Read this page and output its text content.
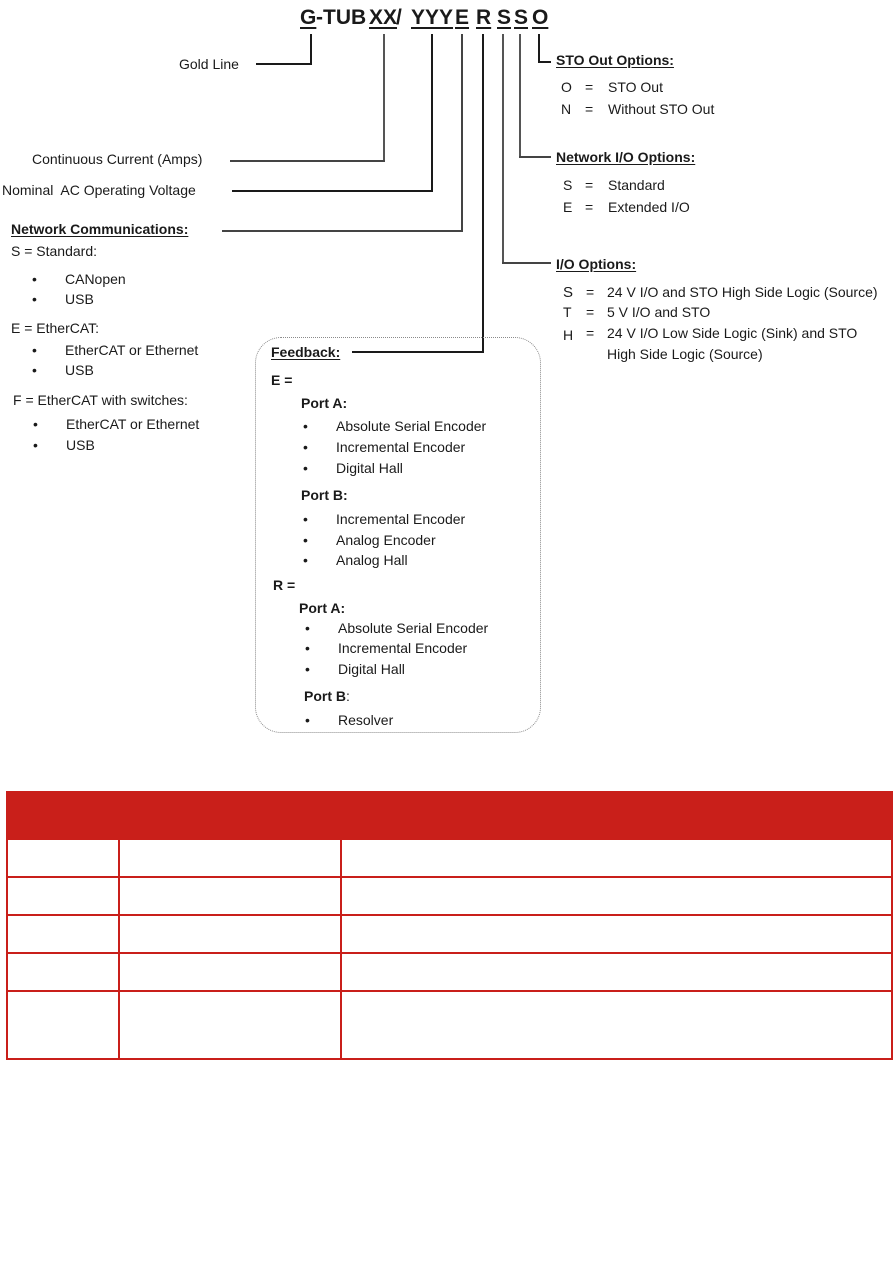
G -TUB XX
/ YYY E R S S O
Gold Line
Continuous Current (Amps)
Nominal  AC Operating Voltage
Network Communications:
S = Standard:
• CANopen
• USB
E = EtherCAT:
• EtherCAT or Ethernet
• USB
F = EtherCAT with switches:
• EtherCAT or Ethernet
• USB
STO Out Options:
O = STO Out
N = Without STO Out
Network I/O Options:
S = Standard
E = Extended I/O
I/O Options:
S = 24 V I/O and STO High Side Logic (Source)
T = 5 V I/O and STO
H = 24 V I/O Low Side Logic (Sink) and STO
High Side Logic (Source)
Feedback:
E =
Port A:
• Absolute Serial Encoder
• Incremental Encoder
• Digital Hall
Port B:
• Incremental Encoder
• Analog Encoder
• Analog Hall
R =
Port A:
• Absolute Serial Encoder
• Incremental Encoder
• Digital Hall
Port B:
• Resolver
